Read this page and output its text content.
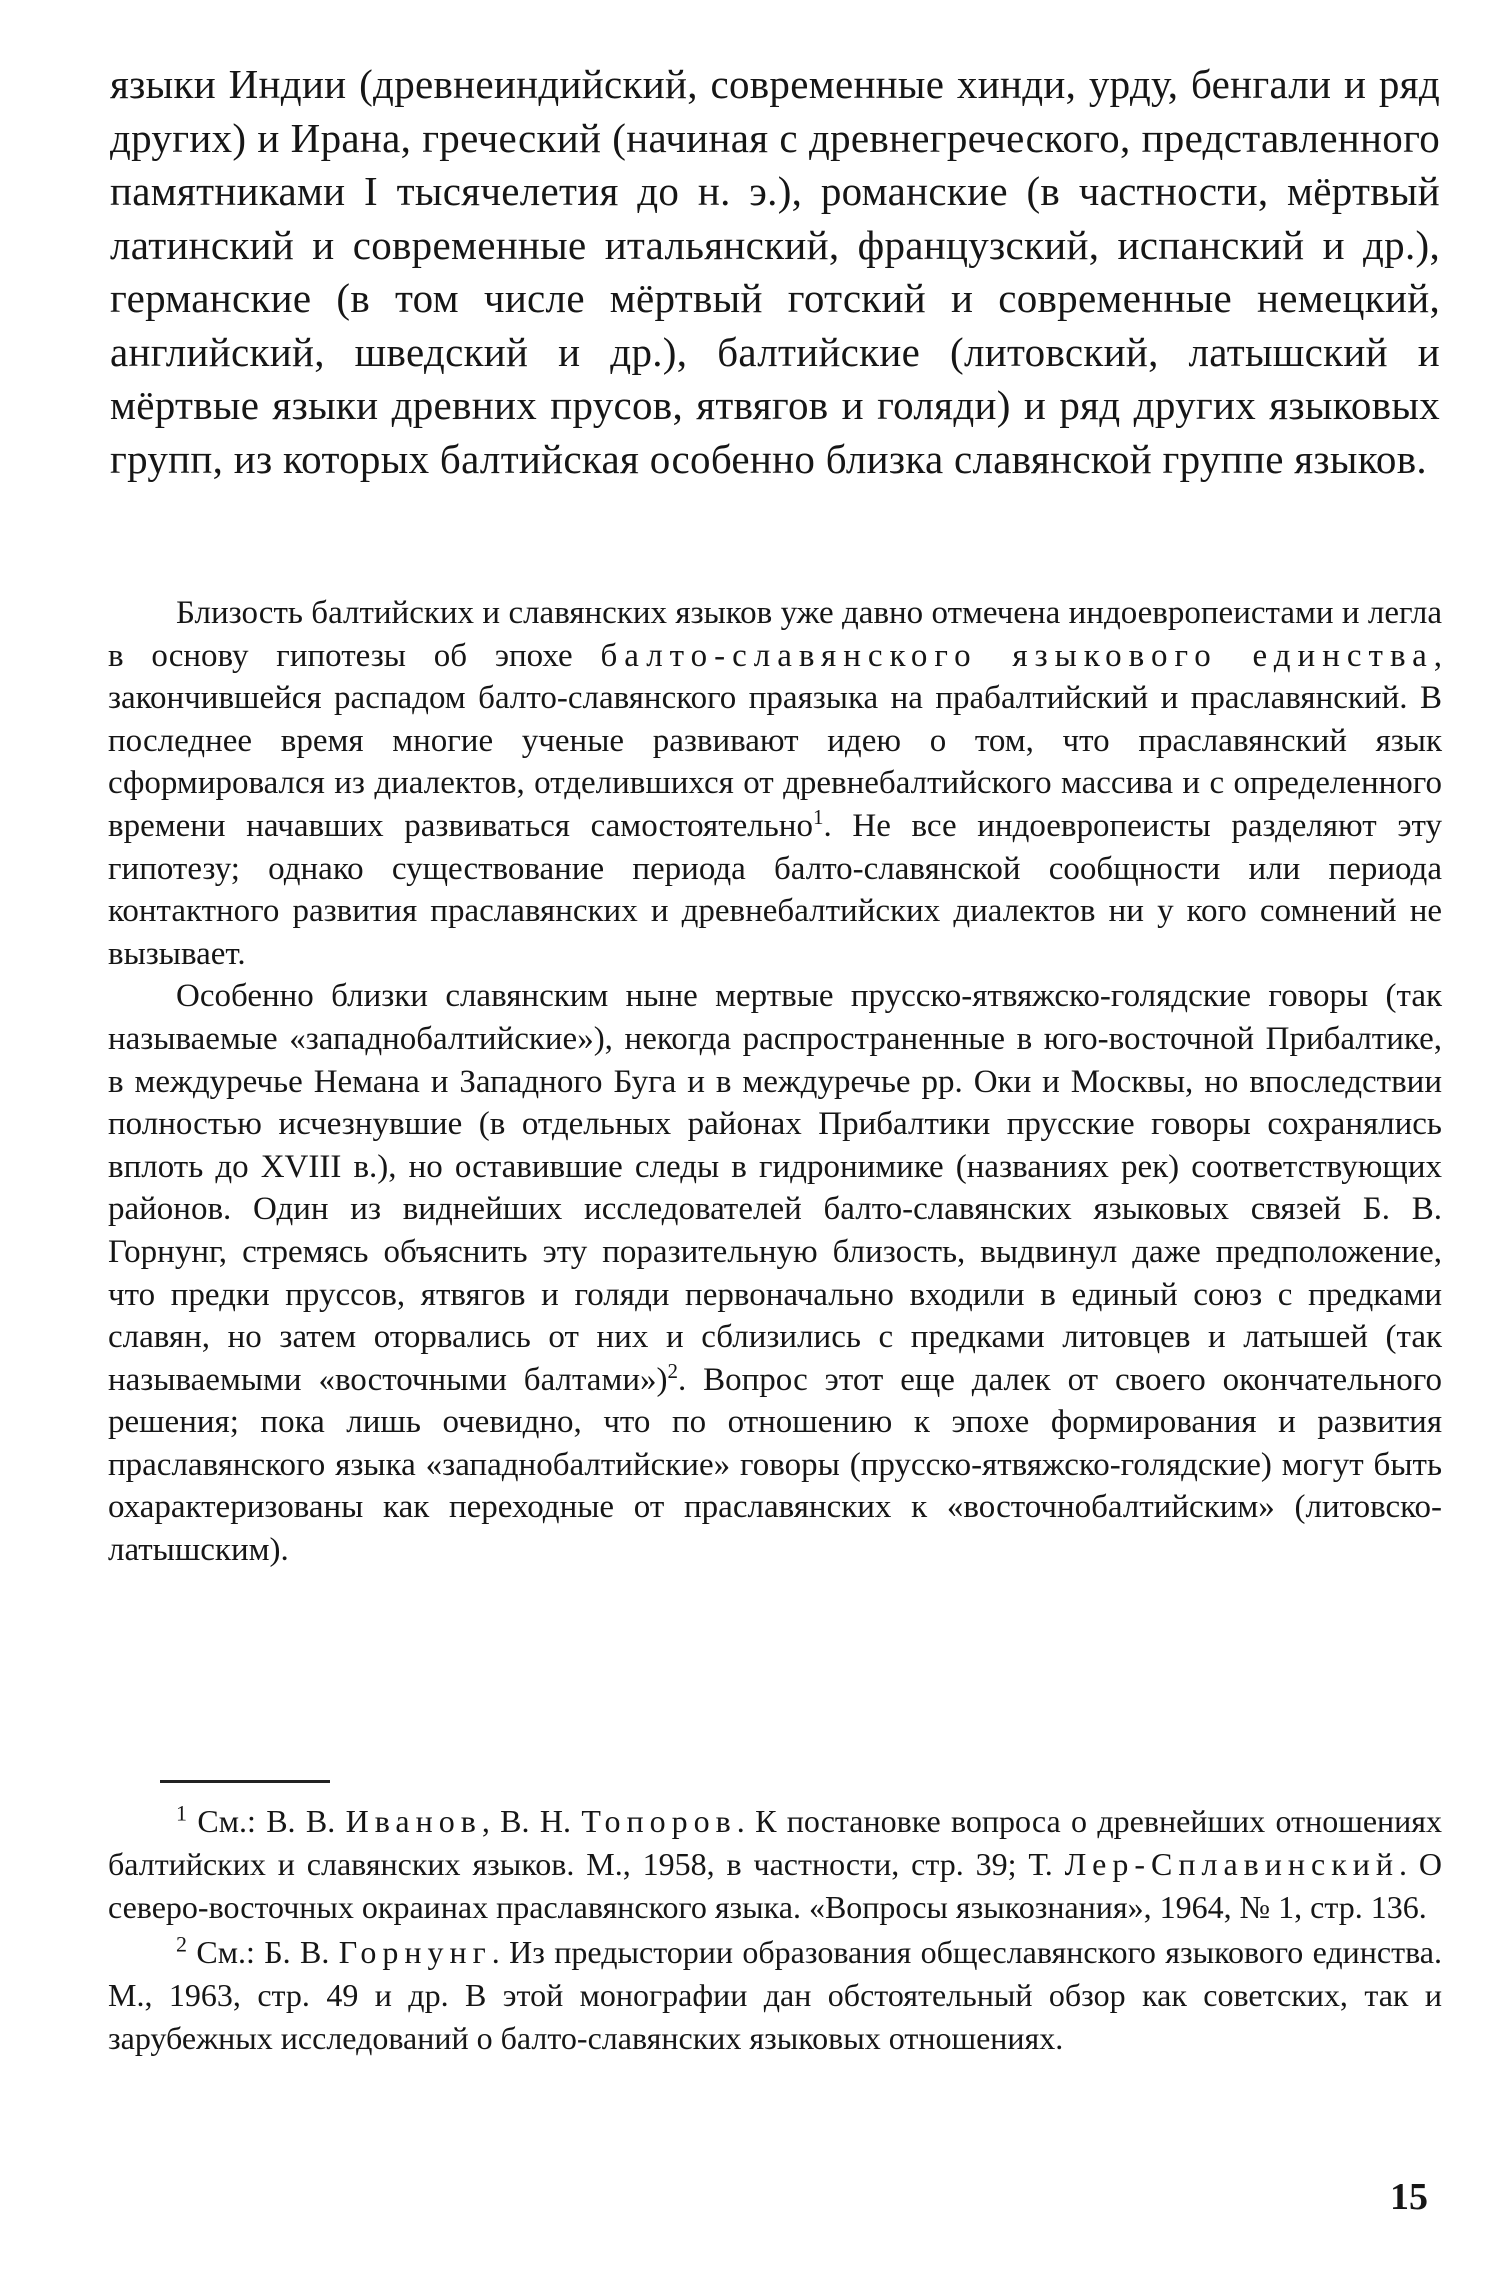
языки Индии (древнеиндийский, современные хинди, урду, бенгали и ряд других) и Ирана, греческий (начиная с древнегреческого, представленного памятниками I тысячелетия до н. э.), романские (в частности, мёртвый латинский и современные итальянский, французский, испанский и др.), германские (в том числе мёртвый готский и современные немецкий, английский, шведский и др.), балтийские (литовский, латышский и мёртвые языки древних прусов, ятвягов и голяди) и ряд других языковых групп, из которых балтийская особенно близка славянской группе языков.

Близость балтийских и славянских языков уже давно отмечена индоевропеистами и легла в основу гипотезы об эпохе балто-славянского языкового единства, закончившейся распадом балто-славянского праязыка на прабалтийский и праславянский. В последнее время многие ученые развивают идею о том, что праславянский язык сформировался из диалектов, отделившихся от древнебалтийского массива и с определенного времени начавших развиваться самостоятельно$^1$. Не все индоевропеисты разделяют эту гипотезу; однако существование периода балто-славянской сообщности или периода контактного развития праславянских и древнебалтийских диалектов ни у кого сомнений не вызывает.

Особенно близки славянским ныне мертвые прусско-ятвяжско-голядские говоры (так называемые «западнобалтийские»), некогда распространенные в юго-восточной Прибалтике, в междуречье Немана и Западного Буга и в междуречье рр. Оки и Москвы, но впоследствии полностью исчезнувшие (в отдельных районах Прибалтики прусские говоры сохранялись вплоть до XVIII в.), но оставившие следы в гидронимике (названиях рек) соответствующих районов. Один из виднейших исследователей балто-славянских языковых связей Б. В. Горнунг, стремясь объяснить эту поразительную близость, выдвинул даже предположение, что предки пруссов, ятвягов и голяди первоначально входили в единый союз с предками славян, но затем оторвались от них и сблизились с предками литовцев и латышей (так называемыми «восточными балтами»)$^2$. Вопрос этот еще далек от своего окончательного решения; пока лишь очевидно, что по отношению к эпохе формирования и развития праславянского языка «западнобалтийские» говоры (прусско-ятвяжско-голядские) могут быть охарактеризованы как переходные от праславянских к «восточнобалтийским» (литовско-латышским).

$^1$ См.: В. В. Иванов, В. Н. Топоров. К постановке вопроса о древнейших отношениях балтийских и славянских языков. М., 1958, в частности, стр. 39; Т. Лер-Сплавинский. О северо-восточных окраинах праславянского языка. «Вопросы языкознания», 1964, № 1, стр. 136.

$^2$ См.: Б. В. Горнунг. Из предыстории образования общеславянского языкового единства. М., 1963, стр. 49 и др. В этой монографии дан обстоятельный обзор как советских, так и зарубежных исследований о балто-славянских языковых отношениях.

15
